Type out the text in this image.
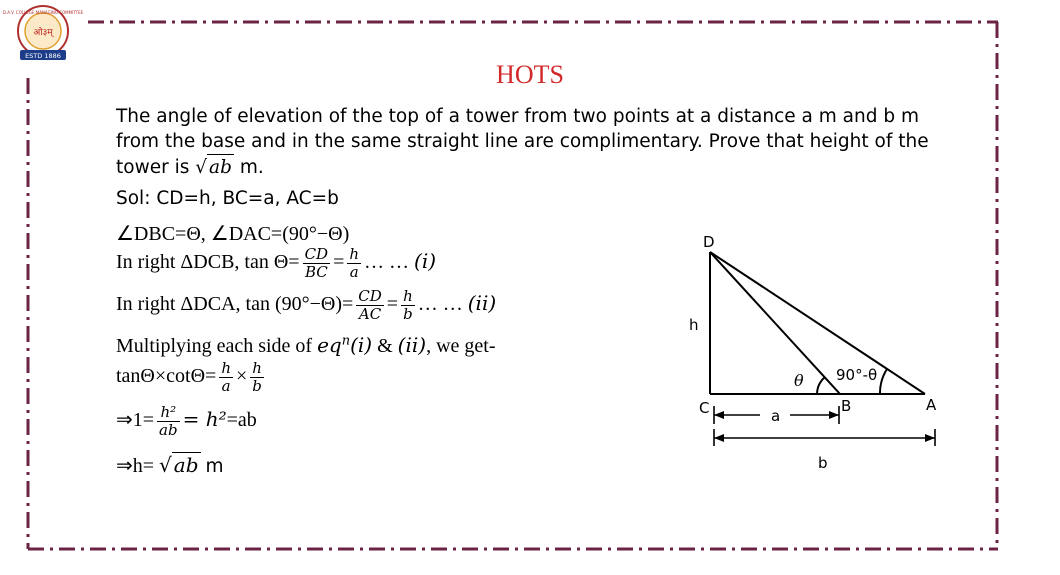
D.A.V. COLLEGE MANAGING COMMITTEE
ओ३म्
ESTD 1886
HOTS
The angle of elevation of the top of a tower from two points at a distance a m and b m from the base and in the same straight line are complimentary. Prove that height of the tower is √ ab m.
Sol: CD=h, BC=a, AC=b
∠DBC=Θ, ∠DAC=(90°−Θ)
In right ΔDCB, $\tan \Theta= \frac{CD}{BC} = \frac{h}{a}$ … … (i)
In right ΔDCA, $\tan (90^\circ-\Theta)= \frac{CD}{AC} = \frac{h}{b}$ … … (ii)
Multiplying each side of $eq^n(i)$ & (ii), we get-
$\tan\Theta\times\cot\Theta= \frac{h}{a} \times \frac{h}{b}$
⇒1= $\frac{\text{h²}}{ab} = h^2=ab$
⇒h= √ ab m
D
h
C	B	A
a
b
θ 90°-θ
